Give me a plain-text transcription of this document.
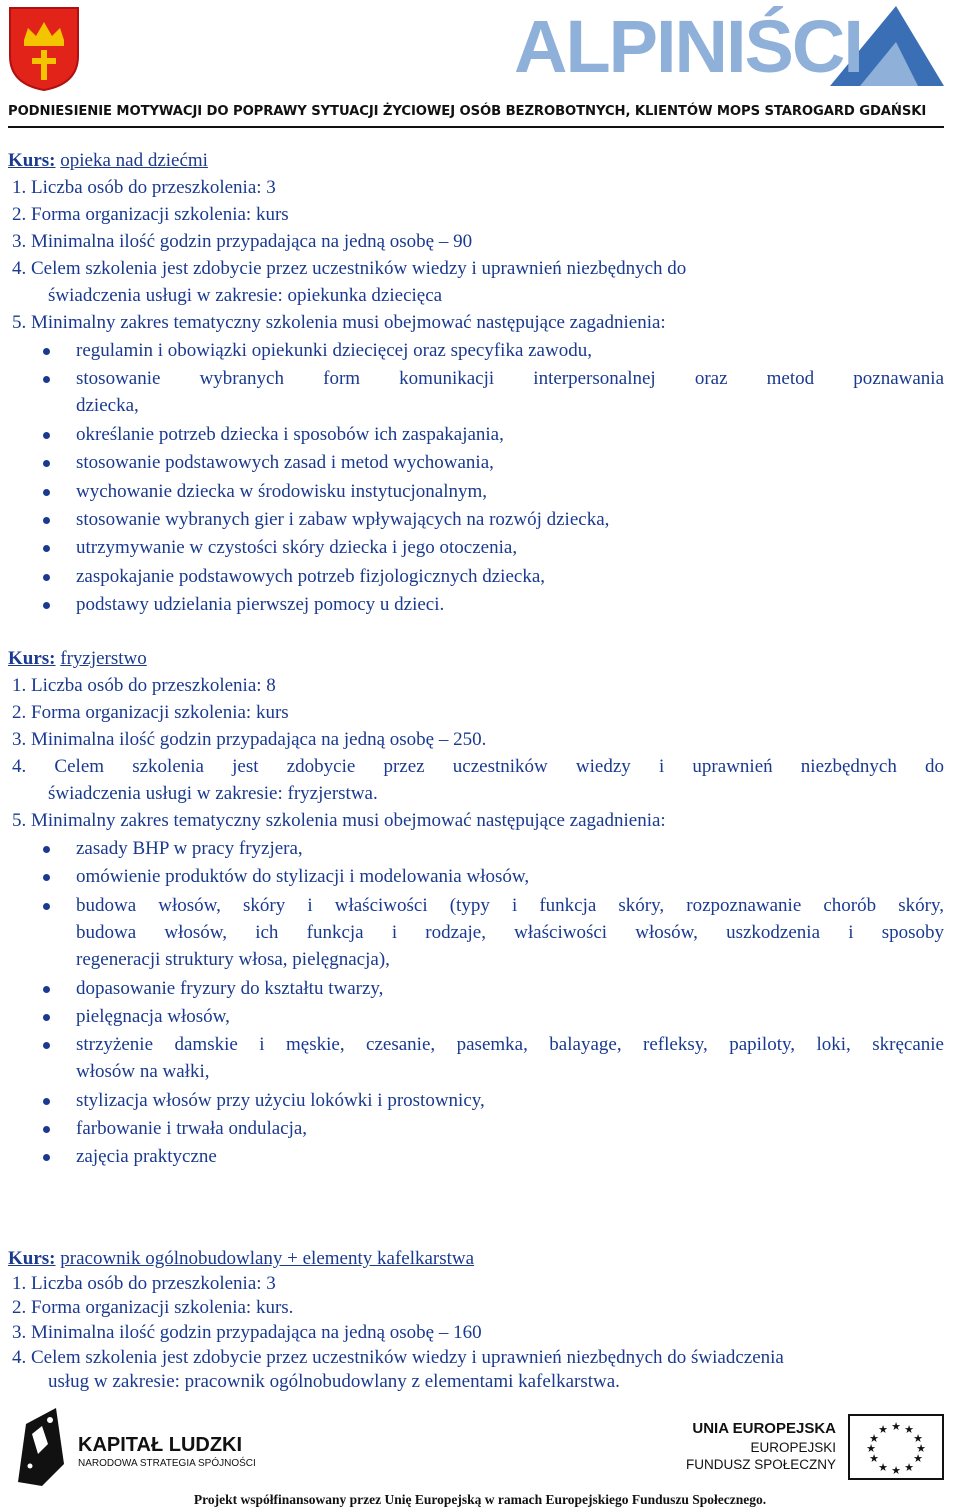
ALPINIŚCI
PODNIESIENIE MOTYWACJI DO POPRAWY SYTUACJI ŻYCIOWEJ OSÓB BEZROBOTNYCH, KLIENTÓW MOPS STAROGARD GDAŃSKI
Kurs: opieka nad dziećmi
1. Liczba osób do przeszkolenia: 3
2. Forma organizacji szkolenia: kurs
3. Minimalna ilość godzin przypadająca na jedną osobę – 90
4. Celem szkolenia jest zdobycie przez uczestników wiedzy i uprawnień niezbędnych do
świadczenia usługi w zakresie: opiekunka dziecięca
5. Minimalny zakres tematyczny szkolenia musi obejmować następujące zagadnienia:
regulamin i obowiązki opiekunki dziecięcej oraz specyfika zawodu,
stosowanie wybranych form komunikacji interpersonalnej oraz metod poznawania
dziecka,
określanie potrzeb dziecka i sposobów ich zaspakajania,
stosowanie podstawowych zasad i metod wychowania,
wychowanie dziecka w środowisku instytucjonalnym,
stosowanie wybranych gier i zabaw wpływających na rozwój dziecka,
utrzymywanie w czystości skóry dziecka i jego otoczenia,
zaspokajanie podstawowych potrzeb fizjologicznych dziecka,
podstawy udzielania pierwszej pomocy u dzieci.
Kurs: fryzjerstwo
1. Liczba osób do przeszkolenia: 8
2. Forma organizacji szkolenia: kurs
3. Minimalna ilość godzin przypadająca na jedną osobę – 250.
4. Celem szkolenia jest zdobycie przez uczestników wiedzy i uprawnień niezbędnych do
świadczenia usługi w zakresie: fryzjerstwa.
5. Minimalny zakres tematyczny szkolenia musi obejmować następujące zagadnienia:
zasady BHP w pracy fryzjera,
omówienie produktów do stylizacji i modelowania włosów,
budowa włosów, skóry i właściwości (typy i funkcja skóry, rozpoznawanie chorób skóry,
budowa włosów, ich funkcja i rodzaje, właściwości włosów, uszkodzenia i sposoby
regeneracji struktury włosa, pielęgnacja),
dopasowanie fryzury do kształtu twarzy,
pielęgnacja włosów,
strzyżenie damskie i męskie, czesanie, pasemka, balayage, refleksy, papiloty, loki, skręcanie
włosów na wałki,
stylizacja włosów przy użyciu lokówki i prostownicy,
farbowanie i trwała ondulacja,
zajęcia praktyczne
Kurs: pracownik ogólnobudowlany + elementy kafelkarstwa
1. Liczba osób do przeszkolenia: 3
2. Forma organizacji szkolenia: kurs.
3. Minimalna ilość godzin przypadająca na jedną osobę – 160
4. Celem szkolenia jest zdobycie przez uczestników wiedzy i uprawnień niezbędnych do świadczenia
usług w zakresie: pracownik ogólnobudowlany z elementami kafelkarstwa.
KAPITAŁ LUDZKI
NARODOWA STRATEGIA SPÓJNOŚCI
UNIA EUROPEJSKA
EUROPEJSKI
FUNDUSZ SPOŁECZNY
★ ★
★
★
★
★
★
★
★
★
★
★
Projekt współfinansowany przez Unię Europejską w ramach Europejskiego Funduszu Społecznego.
